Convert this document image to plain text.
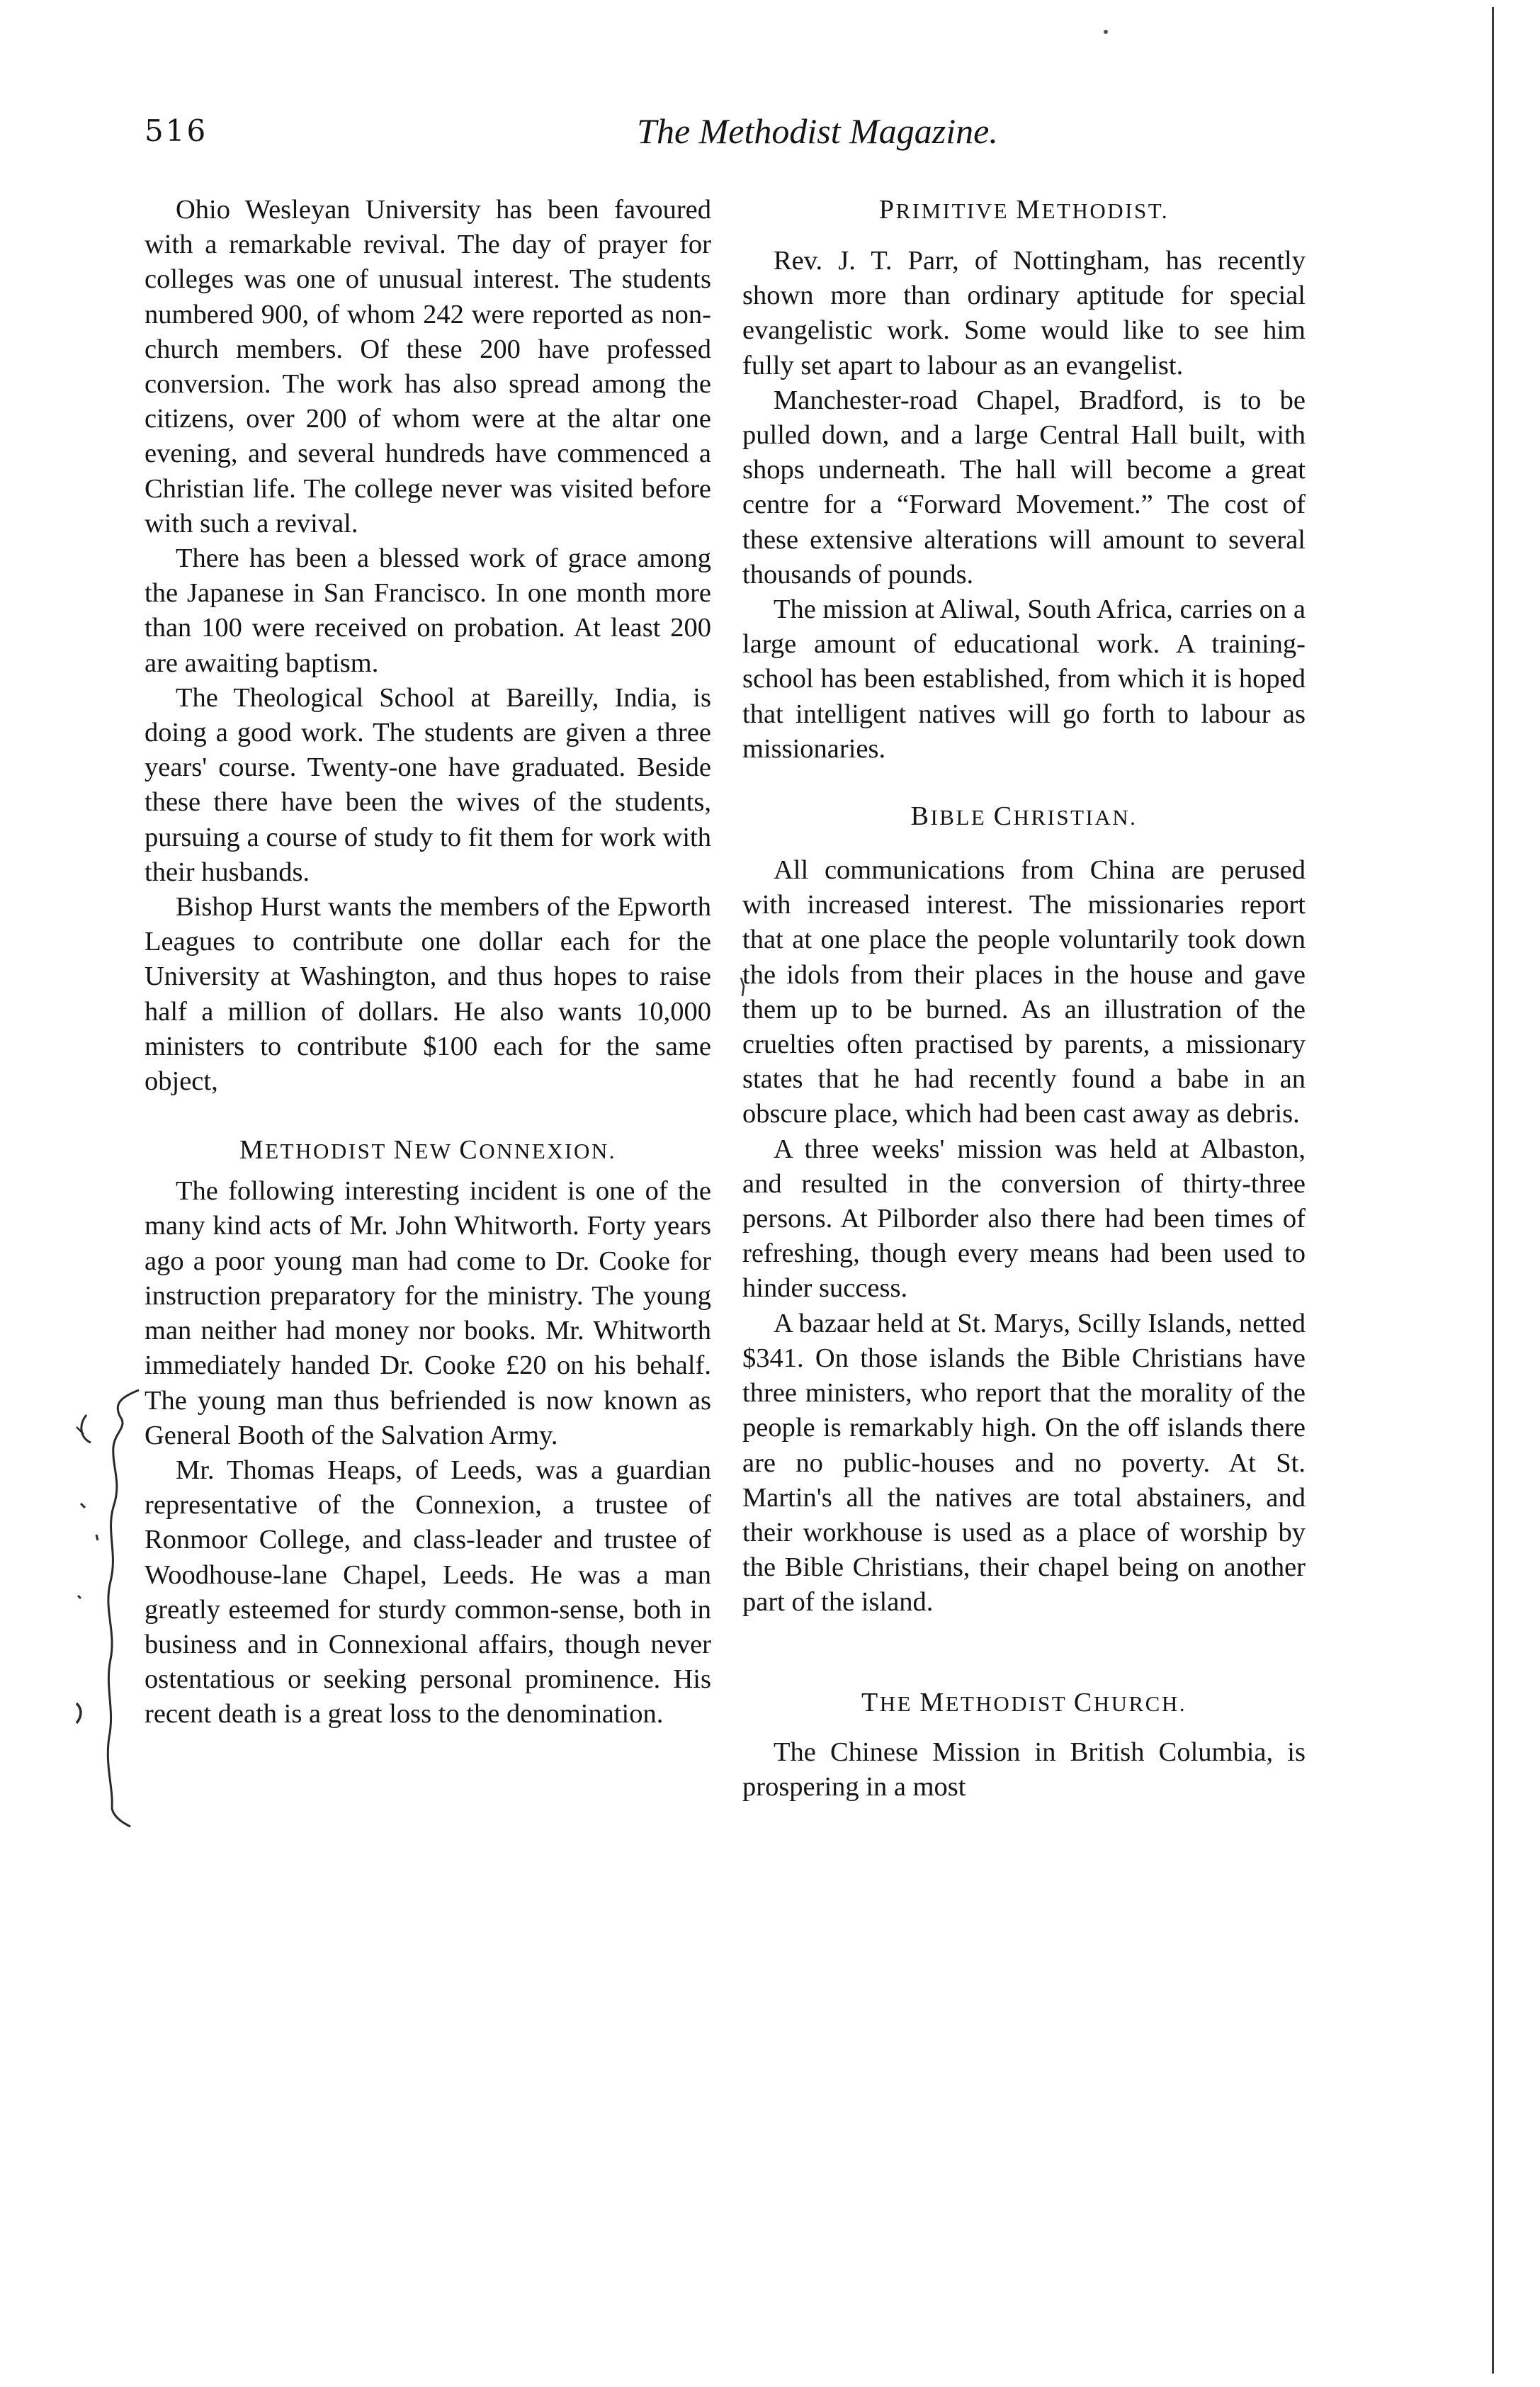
516	The Methodist Magazine.

Ohio Wesleyan University has been favoured with a remarkable revival. The day of prayer for colleges was one of unusual interest. The students numbered 900, of whom 242 were reported as non-church members. Of these 200 have professed conversion. The work has also spread among the citizens, over 200 of whom were at the altar one evening, and several hundreds have commenced a Christian life. The college never was visited before with such a revival.

There has been a blessed work of grace among the Japanese in San Francisco. In one month more than 100 were received on probation. At least 200 are awaiting baptism.

The Theological School at Bareilly, India, is doing a good work. The students are given a three years' course. Twenty-one have graduated. Beside these there have been the wives of the students, pursuing a course of study to fit them for work with their husbands.

Bishop Hurst wants the members of the Epworth Leagues to contribute one dollar each for the University at Washington, and thus hopes to raise half a million of dollars. He also wants 10,000 ministers to contribute $100 each for the same object,

METHODIST NEW CONNEXION.

The following interesting incident is one of the many kind acts of Mr. John Whitworth. Forty years ago a poor young man had come to Dr. Cooke for instruction preparatory for the ministry. The young man neither had money nor books. Mr. Whitworth immediately handed Dr. Cooke £20 on his behalf. The young man thus befriended is now known as General Booth of the Salvation Army.

Mr. Thomas Heaps, of Leeds, was a guardian representative of the Connexion, a trustee of Ronmoor College, and class-leader and trustee of Woodhouse-lane Chapel, Leeds. He was a man greatly esteemed for sturdy common-sense, both in business and in Connexional affairs, though never ostentatious or seeking personal prominence. His recent death is a great loss to the denomination.

PRIMITIVE METHODIST.

Rev. J. T. Parr, of Nottingham, has recently shown more than ordinary aptitude for special evangelistic work. Some would like to see him fully set apart to labour as an evangelist.

Manchester-road Chapel, Bradford, is to be pulled down, and a large Central Hall built, with shops underneath. The hall will become a great centre for a “Forward Movement.” The cost of these extensive alterations will amount to several thousands of pounds.

The mission at Aliwal, South Africa, carries on a large amount of educational work. A training-school has been established, from which it is hoped that intelligent natives will go forth to labour as missionaries.

BIBLE CHRISTIAN.

All communications from China are perused with increased interest. The missionaries report that at one place the people voluntarily took down the idols from their places in the house and gave them up to be burned. As an illustration of the cruelties often practised by parents, a missionary states that he had recently found a babe in an obscure place, which had been cast away as debris.

A three weeks' mission was held at Albaston, and resulted in the conversion of thirty-three persons. At Pilborder also there had been times of refreshing, though every means had been used to hinder success.

A bazaar held at St. Marys, Scilly Islands, netted $341. On those islands the Bible Christians have three ministers, who report that the morality of the people is remarkably high. On the off islands there are no public-houses and no poverty. At St. Martin's all the natives are total abstainers, and their workhouse is used as a place of worship by the Bible Christians, their chapel being on another part of the island.

THE METHODIST CHURCH.

The Chinese Mission in British Columbia, is prospering in a most
